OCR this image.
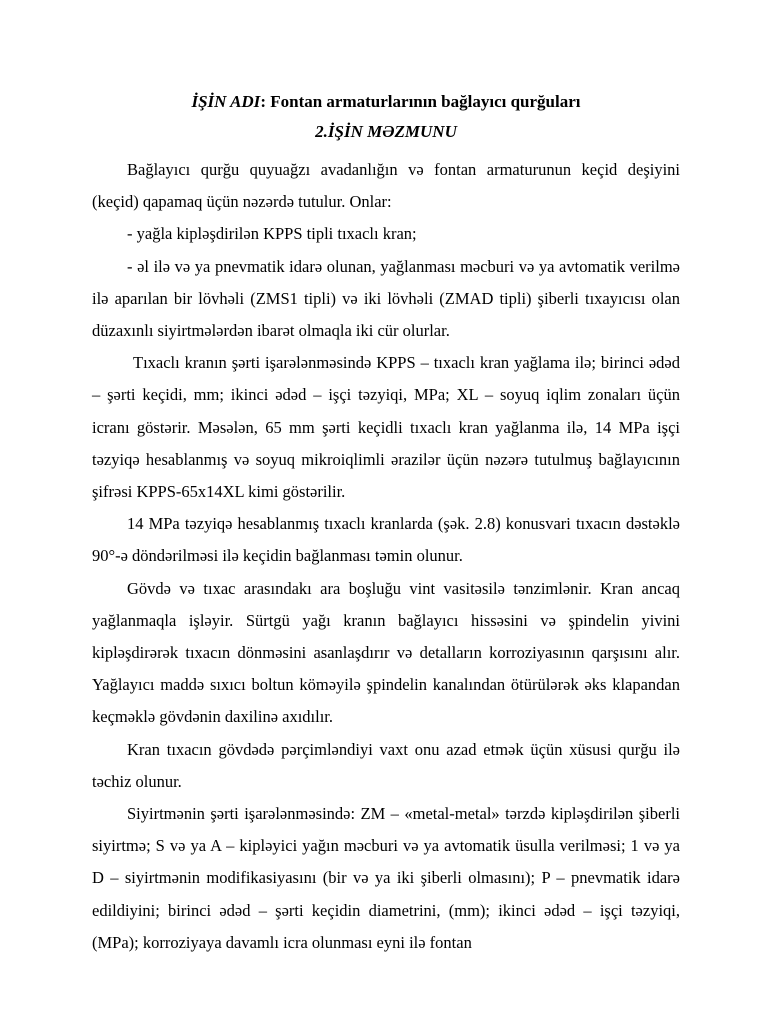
İŞİN ADI: Fontan armaturlarının bağlayıcı qurğuları

2.İŞİN MƏZMUNU

Bağlayıcı qurğu quyuağzı avadanlığın və fontan armaturunun keçid deşiyini (keçid) qapamaq üçün nəzərdə tutulur. Onlar:

- yağla kipləşdirilən KPPS tipli tıxaclı kran;

- əl ilə və ya pnevmatik idarə olunan, yağlanması məcburi və ya avtomatik verilmə ilə aparılan bir lövhəli (ZMS1 tipli) və iki lövhəli (ZMAD tipli) şiberli tıxayıcısı olan düzaxınlı siyirtmələrdən ibarət olmaqla iki cür olurlar.

Tıxaclı kranın şərti işarələnməsində KPPS – tıxaclı kran yağlama ilə; birinci ədəd – şərti keçidi, mm; ikinci ədəd – işçi təzyiqi, MPa; XL – soyuq iqlim zonaları üçün icranı göstərir. Məsələn, 65 mm şərti keçidli tıxaclı kran yağlanma ilə, 14 MPa işçi təzyiqə hesablanmış və soyuq mikroiqlimli ərazilər üçün nəzərə tutulmuş bağlayıcının şifrəsi KPPS-65x14XL kimi göstərilir.

14 MPa təzyiqə hesablanmış tıxaclı kranlarda (şək. 2.8) konusvari tıxacın dəstəklə 90°-ə döndərilməsi ilə keçidin bağlanması təmin olunur.

Gövdə və tıxac arasındakı ara boşluğu vint vasitəsilə tənzimlənir. Kran ancaq yağlanmaqla işləyir. Sürtgü yağı kranın bağlayıcı hissəsini və şpindelin yivini kipləşdirərək tıxacın dönməsini asanlaşdırır və detalların korroziyasının qarşısını alır. Yağlayıcı maddə sıxıcı boltun köməyilə şpindelin kanalından ötürülərək əks klapandan keçməklə gövdənin daxilinə axıdılır.

Kran tıxacın gövdədə pərçimləndiyi vaxt onu azad etmək üçün xüsusi qurğu ilə təchiz olunur.

Siyirtmənin şərti işarələnməsində: ZM – «metal-metal» tərzdə kipləşdirilən şiberli siyirtmə; S və ya A – kipləyici yağın məcburi və ya avtomatik üsulla verilməsi; 1 və ya D – siyirtmənin modifikasiyasını (bir və ya iki şiberli olmasını); P – pnevmatik idarə edildiyini; birinci ədəd – şərti keçidin diametrini, (mm); ikinci ədəd – işçi təzyiqi, (MPa); korroziyaya davamlı icra olunması eyni ilə fontan
